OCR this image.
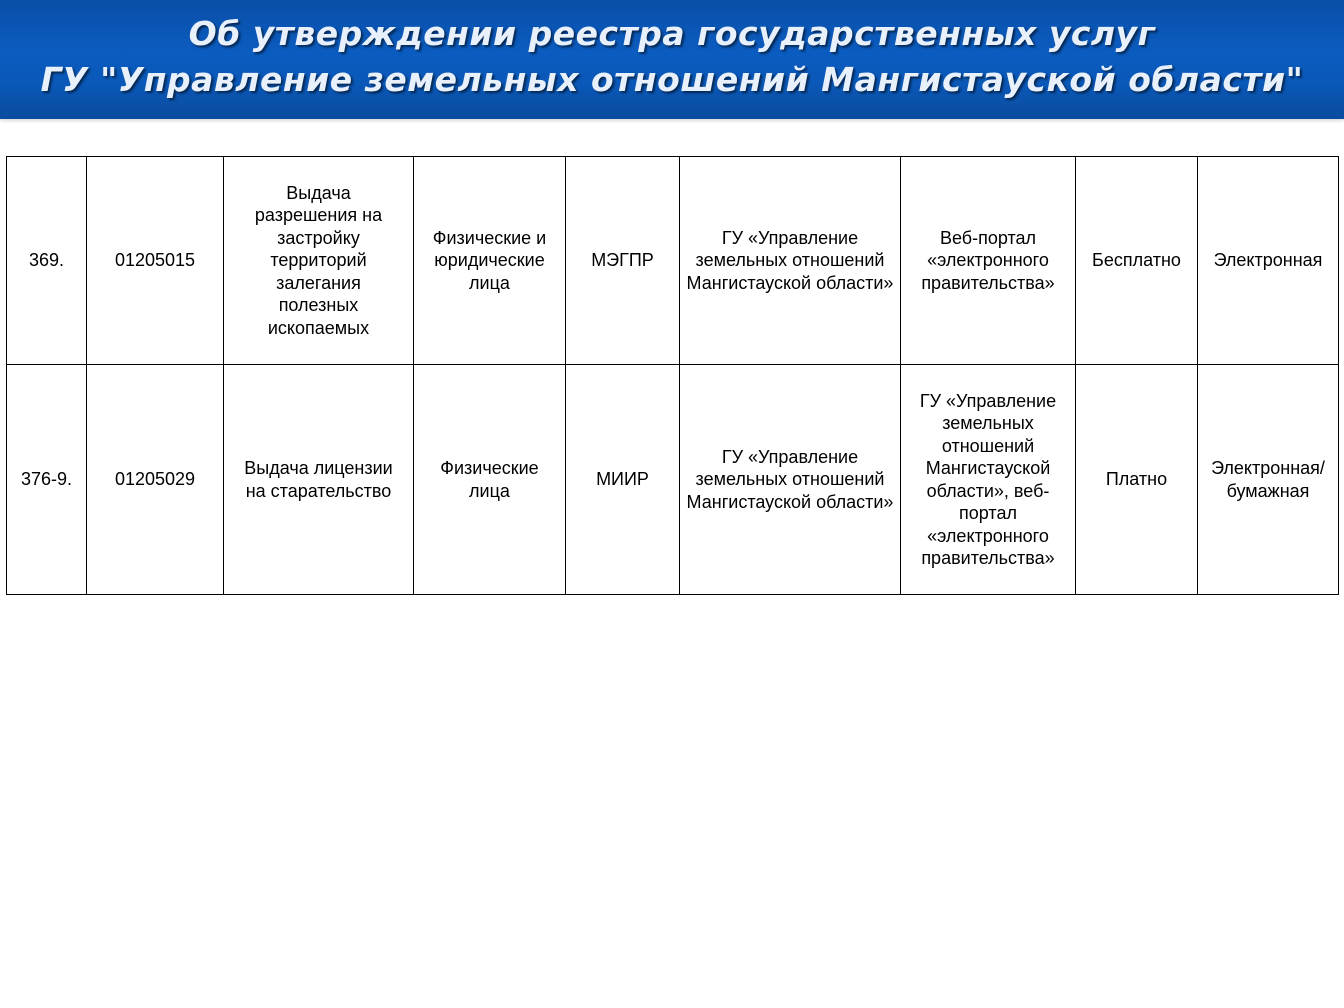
Об утверждении реестра государственных услуг
ГУ "Управление земельных отношений Мангистауской области"
369.	01205015	Выдача разрешения на застройку территорий залегания полезных ископаемых	Физические и юридические лица	МЭГПР	ГУ «Управление земельных отношений Мангистауской области»	Веб-портал «электронного правительства»	Бесплатно	Электронная
376-9.	01205029	Выдача лицензии на старательство	Физические лица	МИИР	ГУ «Управление земельных отношений Мангистауской области»	ГУ «Управление земельных отношений Мангистауской области», веб-портал «электронного правительства»	Платно	Электронная/ бумажная
